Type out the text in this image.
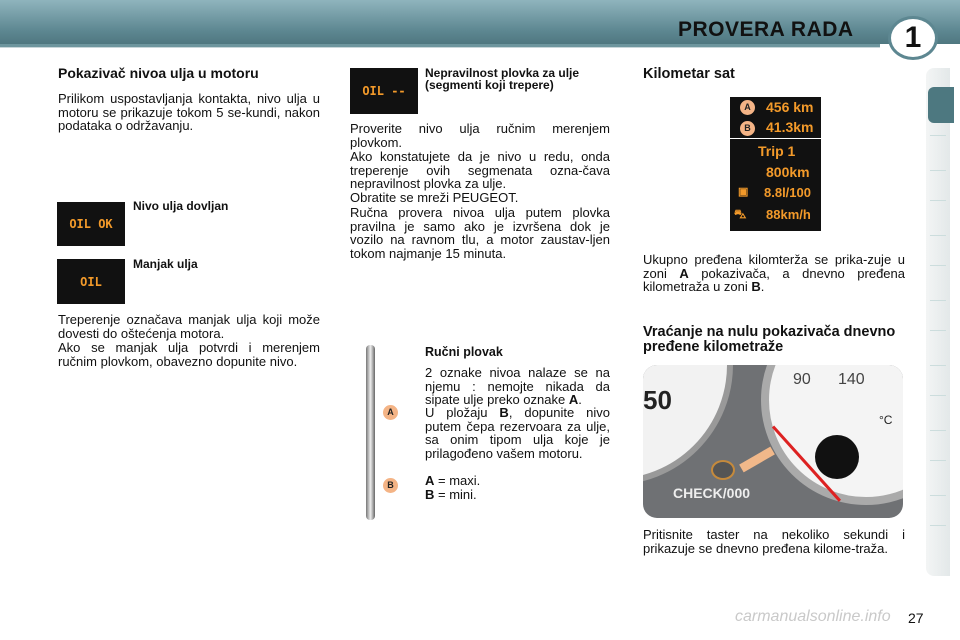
PROVERA RADA	1
Pokazivač nivoa ulja u motoru
Prilikom uspostavljanja kontakta, nivo ulja u motoru se prikazuje tokom 5 se-kundi, nakon podataka o održavanju.
OIL OK
Nivo ulja dovljan
OIL
Manjak ulja
Treperenje označava manjak ulja koji može dovesti do oštećenja motora.
Ako se manjak ulja potvrdi i merenjem ručnim plovkom, obavezno dopunite nivo.
OIL --
Nepravilnost plovka za ulje (segmenti koji trepere)
Proverite nivo ulja ručnim merenjem plovkom.
Ako konstatujete da je nivo u redu, onda treperenje ovih segmenata ozna-čava nepravilnost plovka za ulje.
Obratite se mreži PEUGEOT.
Ručna provera nivoa ulja putem plovka pravilna je samo ako je izvršena dok je vozilo na ravnom tlu, a motor zaustav-ljen tokom najmanje 15 minuta.
A
B
Ručni plovak
2 oznake nivoa nalaze se na njemu : nemojte nikada da sipate ulje preko oznake A.
U pložaju B, dopunite nivo putem čepa rezervoara za ulje, sa onim tipom ulja koje je prilagođeno vašem motoru.
A = maxi.
B = mini.
Kilometar sat
A	456 km
B	41.3km
Trip 1
800km
▣ 8.8l/100
⛍ 88km/h
Ukupno pređena kilomterža se prika-zuje u zoni A pokazivača, a dnevno pređena kilometraža u zoni B.
Vraćanje na nulu pokazivača dnevno pređene kilometraže
50
90 140
°C
CHECK/000
Pritisnite taster na nekoliko sekundi i prikazuje se dnevno pređena kilome-traža.
carmanualsonline.info 27
